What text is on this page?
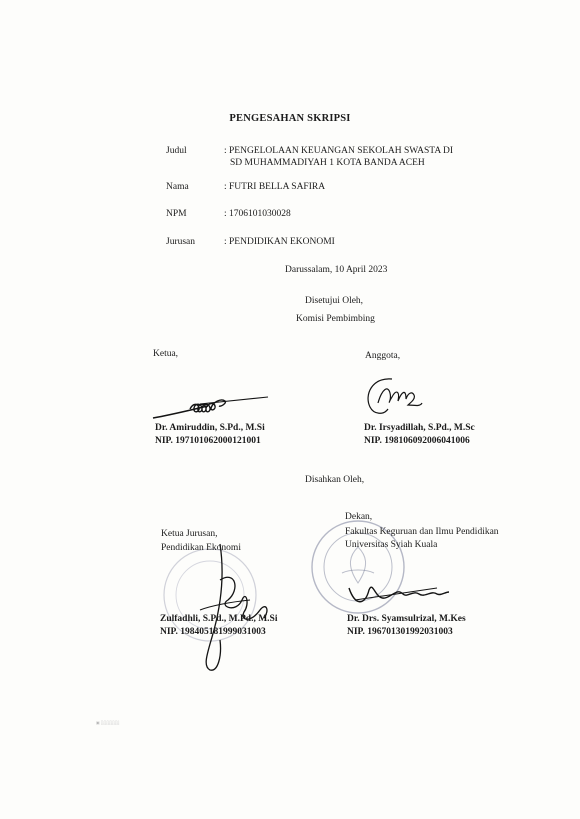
PENGESAHAN SKRIPSI
Judul	: PENGELOLAAN KEUANGAN SEKOLAH SWASTA DI
SD MUHAMMADIYAH 1 KOTA BANDA ACEH
Nama	: FUTRI BELLA SAFIRA
NPM	: 1706101030028
Jurusan	: PENDIDIKAN EKONOMI
Darussalam, 10 April 2023
Disetujui Oleh,
Komisi Pembimbing
Ketua,	Anggota,
Dr. Amiruddin, S.Pd., M.Si
NIP. 197101062000121001
Dr. Irsyadillah, S.Pd., M.Sc
NIP. 198106092006041006
Disahkan Oleh,
Dekan,
Fakultas Keguruan dan Ilmu Pendidikan
Universitas Syiah Kuala
Ketua Jurusan,
Pendidikan Ekonomi
Zulfadhli, S.Pd., M.Pd., M.Si
NIP. 198405181999031003
Dr. Drs. Syamsulrizal, M.Kes
NIP. 196701301992031003
▣ ░░░░░░
